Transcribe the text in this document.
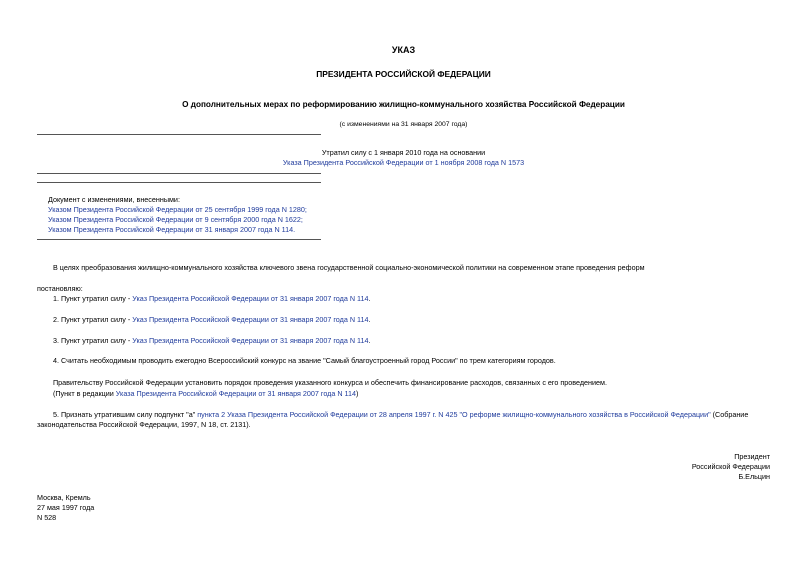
УКАЗ
ПРЕЗИДЕНТА РОССИЙСКОЙ ФЕДЕРАЦИИ
О дополнительных мерах по реформированию жилищно-коммунального хозяйства Российской Федерации
(с изменениями на 31 января 2007 года)
Утратил силу с 1 января 2010 года на основании
Указа Президента Российской Федерации от 1 ноября 2008 года N 1573
Документ с изменениями, внесенными:
Указом Президента Российской Федерации от 25 сентября 1999 года N 1280;
Указом Президента Российской Федерации от 9 сентября 2000 года N 1622;
Указом Президента Российской Федерации от 31 января 2007 года N 114.
В целях преобразования жилищно-коммунального хозяйства ключевого звена государственной социально-экономической политики на современном этапе проведения реформ
постановляю:
1. Пункт утратил силу - Указ Президента Российской Федерации от 31 января 2007 года N 114.
2. Пункт утратил силу - Указ Президента Российской Федерации от 31 января 2007 года N 114.
3. Пункт утратил силу - Указ Президента Российской Федерации от 31 января 2007 года N 114.
4. Считать необходимым проводить ежегодно Всероссийский конкурс на звание "Самый благоустроенный город России" по трем категориям городов.
Правительству Российской Федерации установить порядок проведения указанного конкурса и обеспечить финансирование расходов, связанных с его проведением.
(Пункт в редакции Указа Президента Российской Федерации от 31 января 2007 года N 114)
5. Признать утратившим силу подпункт "а" пункта 2 Указа Президента Российской Федерации от 28 апреля 1997 г. N 425 "О реформе жилищно-коммунального хозяйства в Российской Федерации" (Собрание
законодательства Российской Федерации, 1997, N 18, ст. 2131).
Президент
Российской Федерации
Б.Ельцин
Москва, Кремль
27 мая 1997 года
N 528
